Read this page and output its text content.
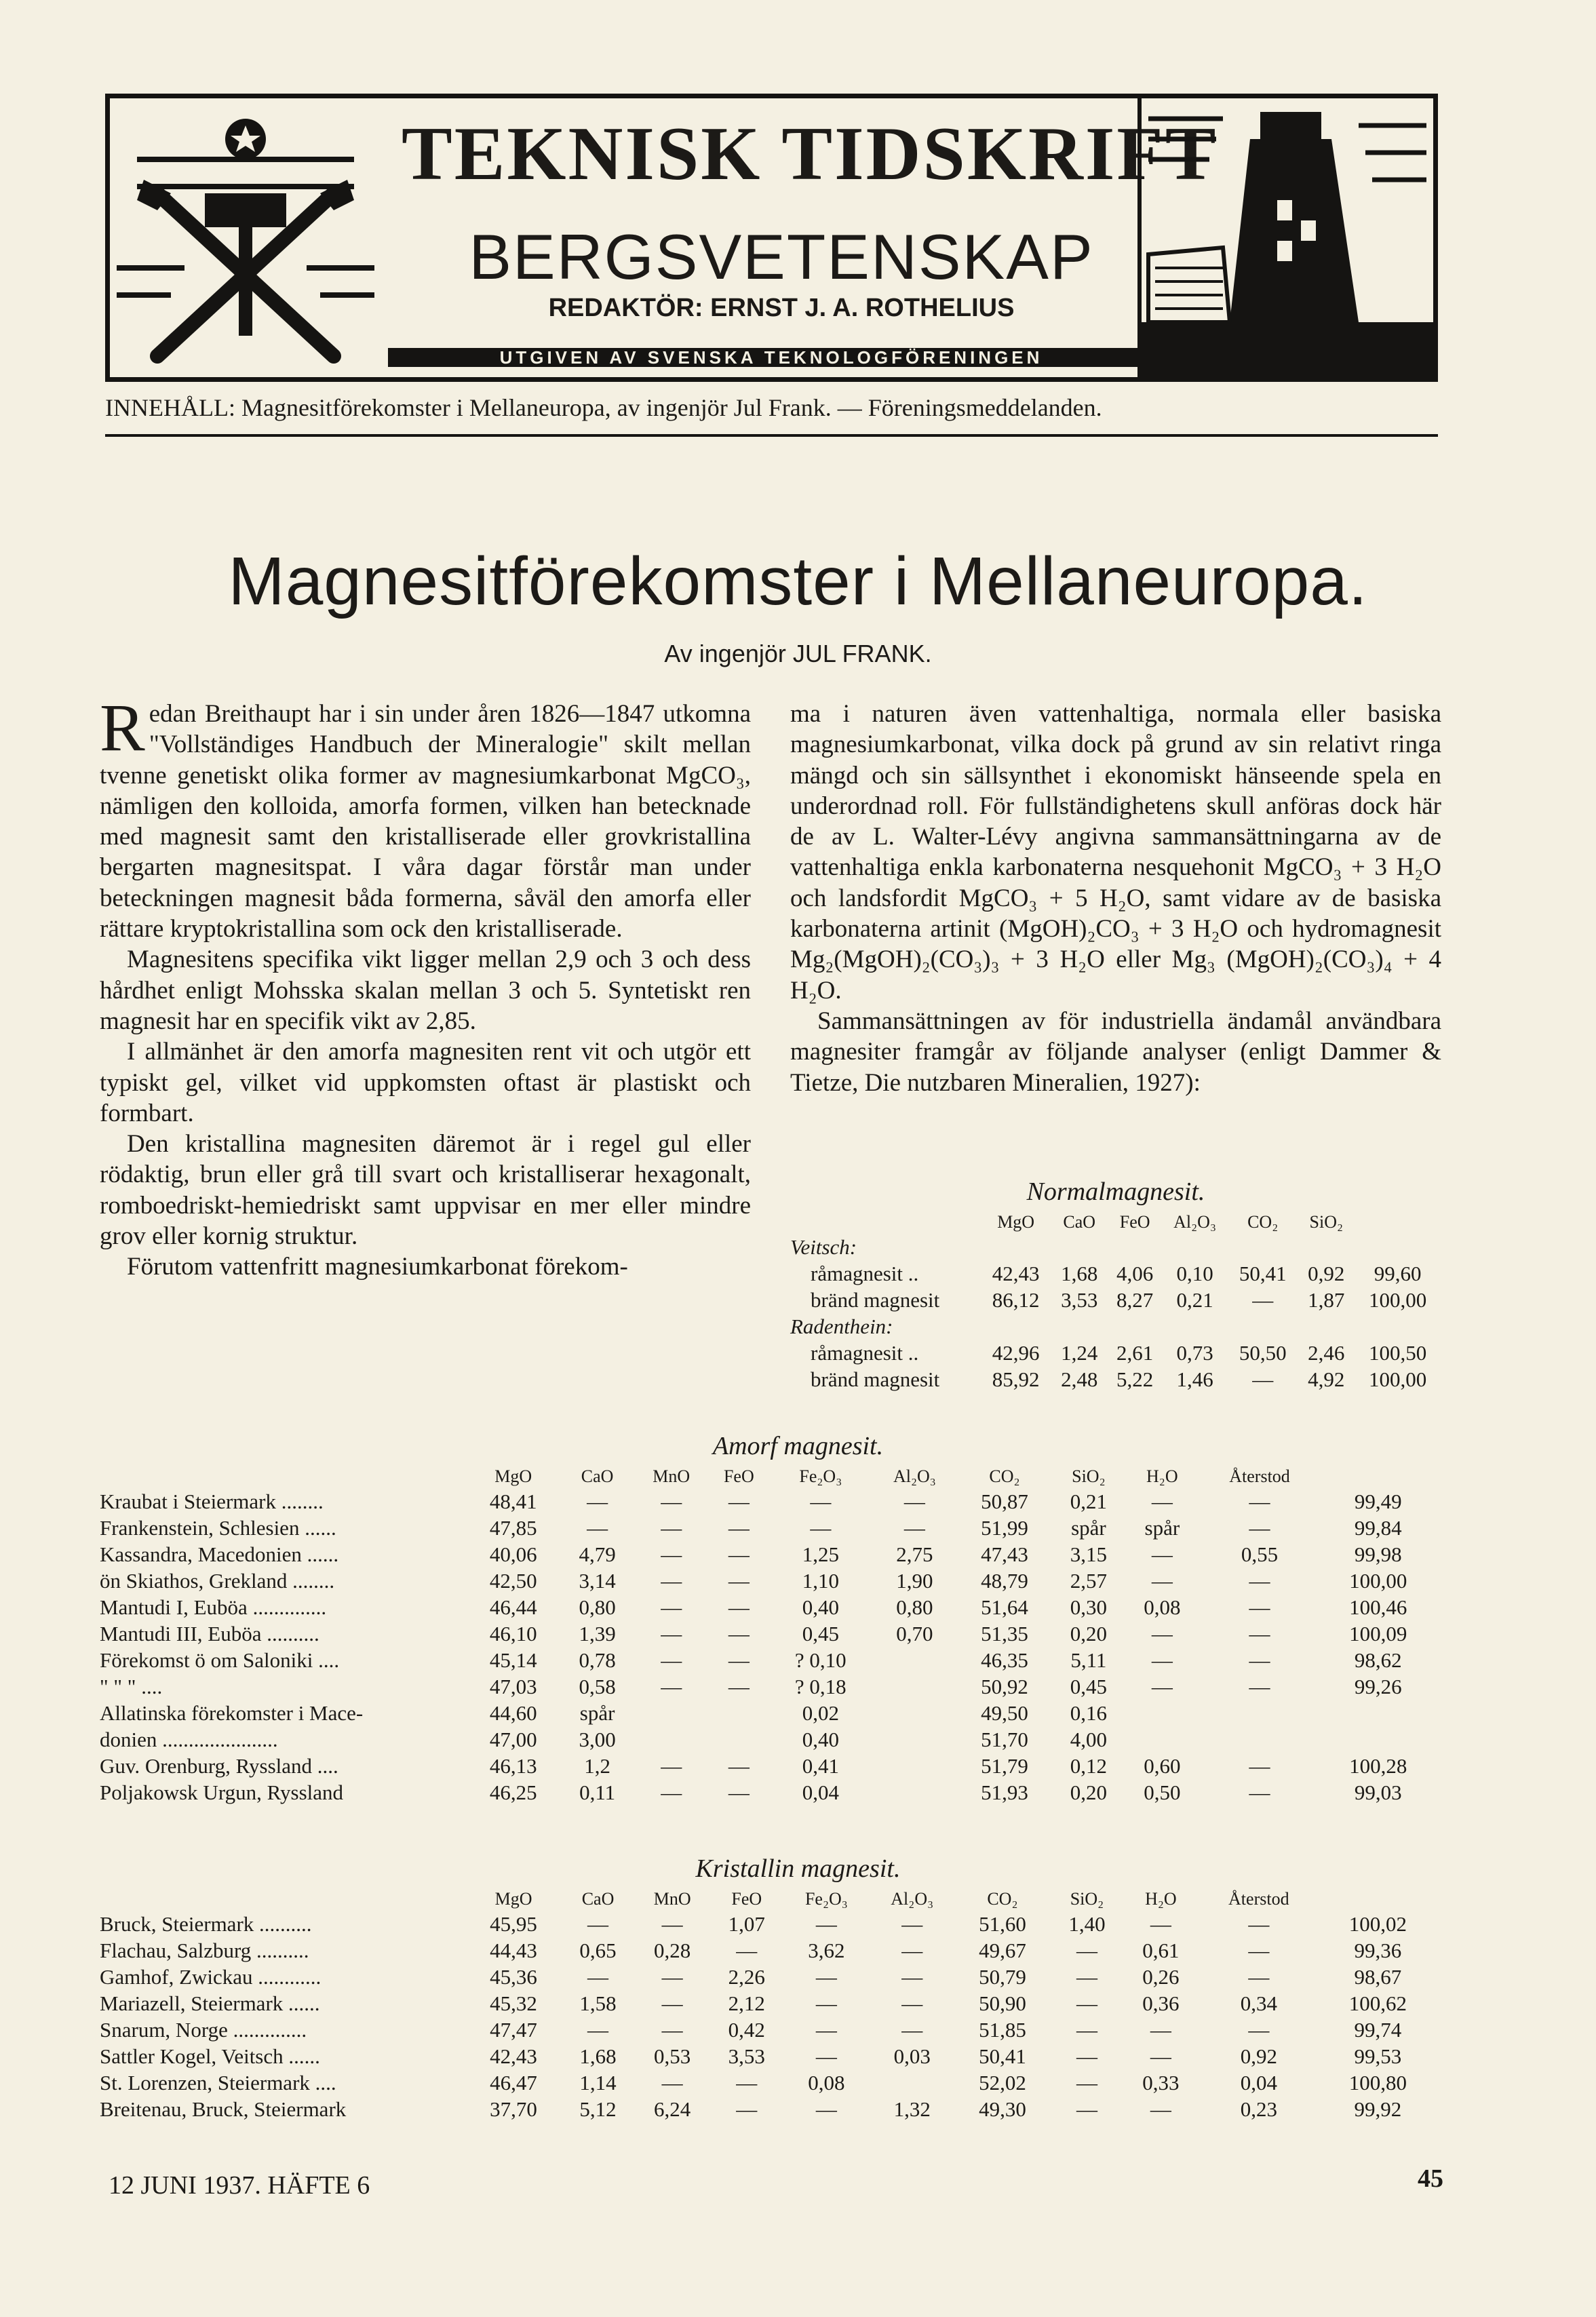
TEKNISK TIDSKRIFT
BERGSVETENSKAP
REDAKTÖR: ERNST J. A. ROTHELIUS
UTGIVEN AV SVENSKA TEKNOLOGFÖRENINGEN
INNEHÅLL: Magnesitförekomster i Mellaneuropa, av ingenjör Jul Frank. — Föreningsmeddelanden.
Magnesitförekomster i Mellaneuropa.
Av ingenjör JUL FRANK.

Redan Breithaupt har i sin under åren 1826—1847 utkomna "Vollständiges Handbuch der Mineralogie" skilt mellan tvenne genetiskt olika former av magnesiumkarbonat MgCO₃, nämligen den kolloida, amorfa formen, vilken han betecknade med magnesit samt den kristalliserade eller grovkristallina bergarten magnesitspat. I våra dagar förstår man under beteckningen magnesit båda formerna, såväl den amorfa eller rättare kryptokristallina som ock den kristalliserade.

Magnesitens specifika vikt ligger mellan 2,9 och 3 och dess hårdhet enligt Mohsska skalan mellan 3 och 5. Syntetiskt ren magnesit har en specifik vikt av 2,85.

I allmänhet är den amorfa magnesiten rent vit och utgör ett typiskt gel, vilket vid uppkomsten oftast är plastiskt och formbart.

Den kristallina magnesiten däremot är i regel gul eller rödaktig, brun eller grå till svart och kristalliserar hexagonalt, romboedriskt-hemiedriskt samt uppvisar en mer eller mindre grov eller kornig struktur.

Förutom vattenfritt magnesiumkarbonat förekom-

ma i naturen även vattenhaltiga, normala eller basiska magnesiumkarbonat, vilka dock på grund av sin relativt ringa mängd och sin sällsynthet i ekonomiskt hänseende spela en underordnad roll. För fullständighetens skull anföras dock här de av L. Walter-Lévy angivna sammansättningarna av de vattenhaltiga enkla karbonaterna nesquehonit MgCO₃ + 3 H₂O och landsfordit MgCO₃ + 5 H₂O, samt vidare av de basiska karbonaterna artinit (MgOH)₂CO₃ + 3 H₂O och hydromagnesit Mg₂(MgOH)₂(CO₃)₃ + 3 H₂O eller Mg₃ (MgOH)₂(CO₃)₄ + 4 H₂O.

Sammansättningen av för industriella ändamål användbara magnesiter framgår av följande analyser (enligt Dammer & Tietze, Die nutzbaren Mineralien, 1927):

Normalmagnesit.
	MgO	CaO	FeO	Al₂O₃	CO₂	SiO₂	
Veitsch:							
råmagnesit ..	42,43	1,68	4,06	0,10	50,41	0,92	99,60
bränd magnesit	86,12	3,53	8,27	0,21	—	1,87	100,00
Radenthein:							
råmagnesit ..	42,96	1,24	2,61	0,73	50,50	2,46	100,50
bränd magnesit	85,92	2,48	5,22	1,46	—	4,92	100,00
Amorf magnesit.
	MgO	CaO	MnO	FeO	Fe₂O₃	Al₂O₃	CO₂	SiO₂	H₂O	Återstod	
Kraubat i Steiermark ........	48,41	—	—	—	—	—	50,87	0,21	—	—	99,49
Frankenstein, Schlesien ......	47,85	—	—	—	—	—	51,99	spår	spår	—	99,84
Kassandra, Macedonien ......	40,06	4,79	—	—	1,25	2,75	47,43	3,15	—	0,55	99,98
ön Skiathos, Grekland ........	42,50	3,14	—	—	1,10	1,90	48,79	2,57	—	—	100,00
Mantudi I, Euböa ..............	46,44	0,80	—	—	0,40	0,80	51,64	0,30	0,08	—	100,46
Mantudi III, Euböa ..........	46,10	1,39	—	—	0,45	0,70	51,35	0,20	—	—	100,09
Förekomst ö om Saloniki ....	45,14	0,78	—	—	? 0,10		46,35	5,11	—	—	98,62
" " " ....	47,03	0,58	—	—	? 0,18		50,92	0,45	—	—	99,26
Allatinska förekomster i Mace-	44,60	spår			0,02		49,50	0,16			
donien ......................	47,00	3,00			0,40		51,70	4,00			
Guv. Orenburg, Ryssland ....	46,13	1,2	—	—	0,41		51,79	0,12	0,60	—	100,28
Poljakowsk Urgun, Ryssland	46,25	0,11	—	—	0,04		51,93	0,20	0,50	—	99,03
Kristallin magnesit.
	MgO	CaO	MnO	FeO	Fe₂O₃	Al₂O₃	CO₂	SiO₂	H₂O	Återstod	
Bruck, Steiermark ..........	45,95	—	—	1,07	—	—	51,60	1,40	—	—	100,02
Flachau, Salzburg ..........	44,43	0,65	0,28	—	3,62	—	49,67	—	0,61	—	99,36
Gamhof, Zwickau ............	45,36	—	—	2,26	—	—	50,79	—	0,26	—	98,67
Mariazell, Steiermark ......	45,32	1,58	—	2,12	—	—	50,90	—	0,36	0,34	100,62
Snarum, Norge ..............	47,47	—	—	0,42	—	—	51,85	—	—	—	99,74
Sattler Kogel, Veitsch ......	42,43	1,68	0,53	3,53	—	0,03	50,41	—	—	0,92	99,53
St. Lorenzen, Steiermark ....	46,47	1,14	—	—	0,08		52,02	—	0,33	0,04	100,80
Breitenau, Bruck, Steiermark	37,70	5,12	6,24	—	—	1,32	49,30	—	—	0,23	99,92
12 JUNI 1937. HÄFTE 6	45
